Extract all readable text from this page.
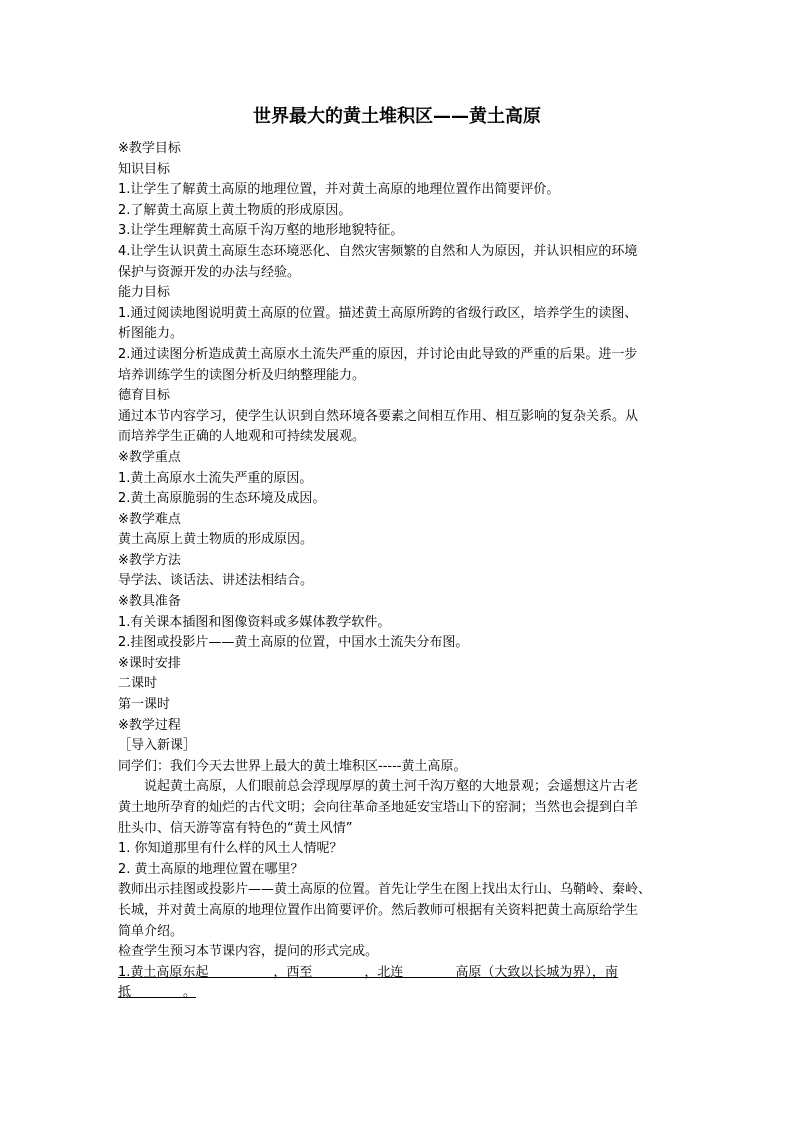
世界最大的黄土堆积区——黄土高原
※教学目标
知识目标
1.让学生了解黄土高原的地理位置，并对黄土高原的地理位置作出简要评价。
2.了解黄土高原上黄土物质的形成原因。
3.让学生理解黄土高原千沟万壑的地形地貌特征。
4.让学生认识黄土高原生态环境恶化、自然灾害频繁的自然和人为原因，并认识相应的环境
保护与资源开发的办法与经验。
能力目标
1.通过阅读地图说明黄土高原的位置。描述黄土高原所跨的省级行政区，培养学生的读图、
析图能力。
2.通过读图分析造成黄土高原水土流失严重的原因，并讨论由此导致的严重的后果。进一步
培养训练学生的读图分析及归纳整理能力。
德育目标
通过本节内容学习，使学生认识到自然环境各要素之间相互作用、相互影响的复杂关系。从
而培养学生正确的人地观和可持续发展观。
※教学重点
1.黄土高原水土流失严重的原因。
2.黄土高原脆弱的生态环境及成因。
※教学难点
黄土高原上黄土物质的形成原因。
※教学方法
导学法、谈话法、讲述法相结合。
※教具准备
1.有关课本插图和图像资料或多媒体教学软件。
2.挂图或投影片——黄土高原的位置，中国水土流失分布图。
※课时安排
二课时
第一课时
※教学过程
［导入新课］
同学们：我们今天去世界上最大的黄土堆积区-----黄土高原。
说起黄土高原，人们眼前总会浮现厚厚的黄土河千沟万壑的大地景观；会遥想这片古老
黄土地所孕育的灿烂的古代文明；会向往革命圣地延安宝塔山下的窑洞；当然也会提到白羊
肚头巾、信天游等富有特色的“黄土风情”
1. 你知道那里有什么样的风土人情呢？
2. 黄土高原的地理位置在哪里？
教师出示挂图或投影片——黄土高原的位置。首先让学生在图上找出太行山、乌鞘岭、秦岭、
长城，并对黄土高原的地理位置作出简要评价。然后教师可根据有关资料把黄土高原给学生
简单介绍。
检查学生预习本节课内容，提问的形式完成。
1.黄土高原东起＿＿＿＿＿，西至＿＿＿＿，北连＿＿＿＿高原（大致以长城为界），南
抵＿＿＿＿。
